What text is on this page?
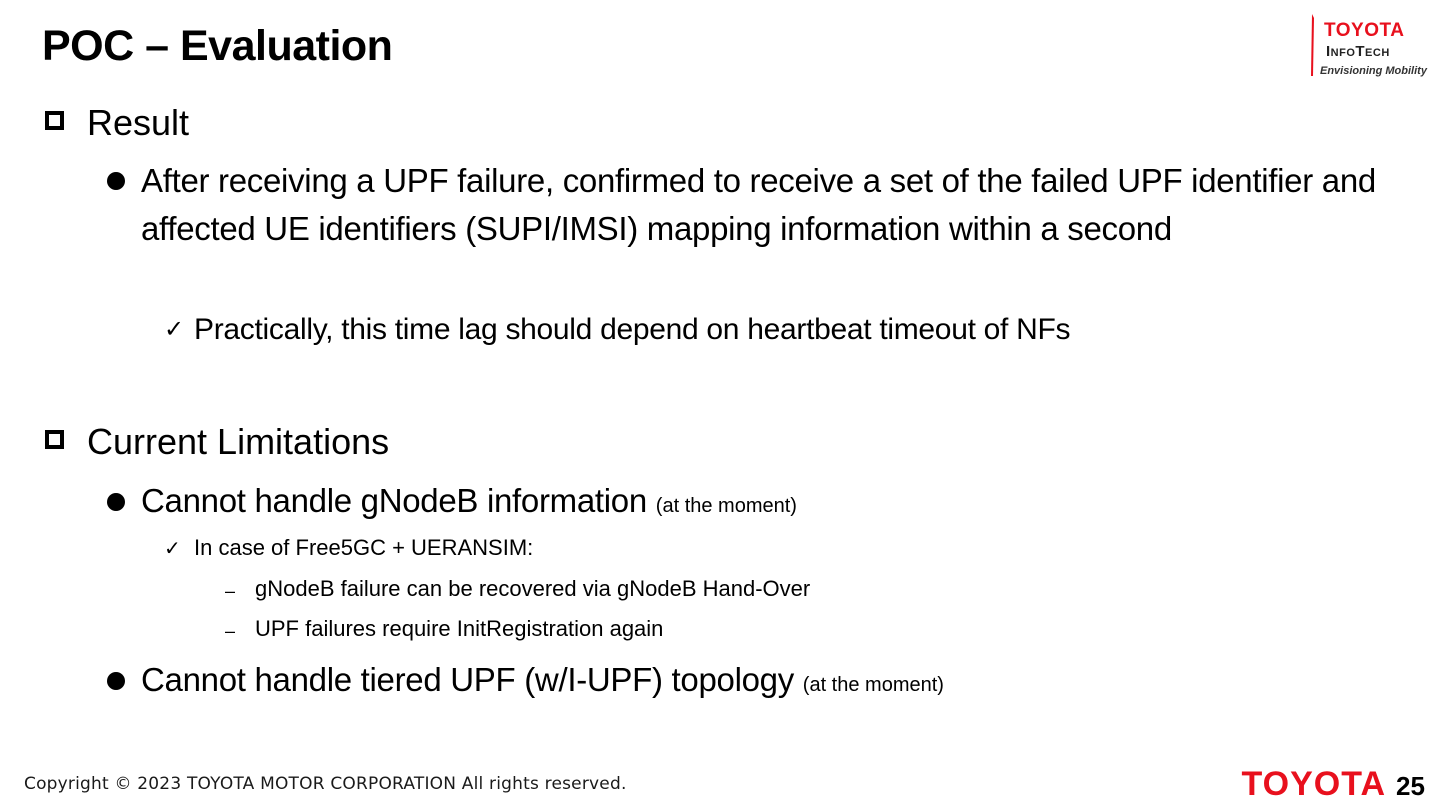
POC – Evaluation	TOYOTA
InfoTech
Envisioning Mobility
Result
After receiving a UPF failure, confirmed to receive a set of the failed UPF identifier and affected UE identifiers (SUPI/IMSI) mapping information within a second
✓ Practically, this time lag should depend on heartbeat timeout of NFs
Current Limitations
Cannot handle gNodeB information (at the moment)
✓ In case of Free5GC + UERANSIM:
– gNodeB failure can be recovered via gNodeB Hand-Over
– UPF failures require InitRegistration again
Cannot handle tiered UPF (w/I-UPF) topology (at the moment)
Copyright © 2023 TOYOTA MOTOR CORPORATION All rights reserved.	TOYOTA 25
